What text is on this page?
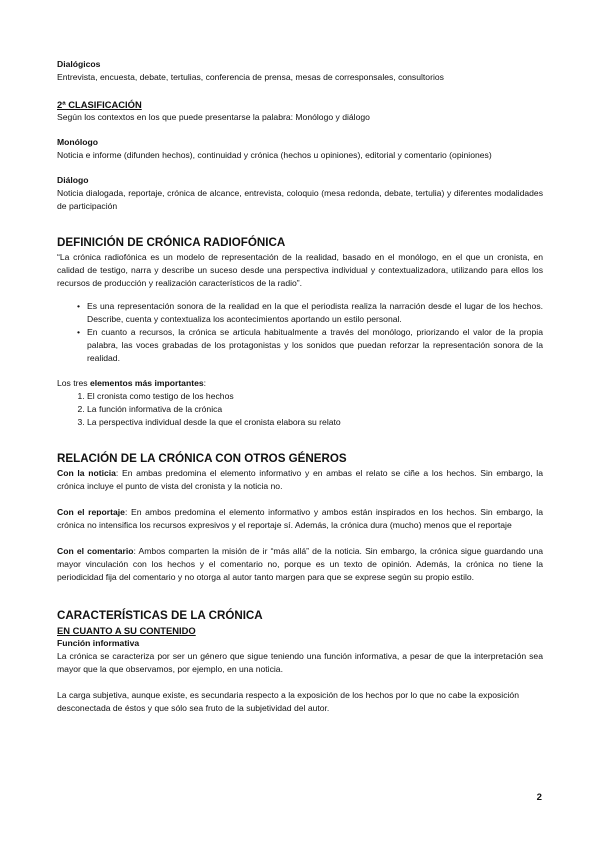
Dialógicos

Entrevista, encuesta, debate, tertulias, conferencia de prensa, mesas de corresponsales, consultorios

2ª CLASIFICACIÓN

Según los contextos en los que puede presentarse la palabra: Monólogo y diálogo

Monólogo

Noticia e informe (difunden hechos), continuidad y crónica (hechos u opiniones), editorial y comentario (opiniones)

Diálogo

Noticia dialogada, reportaje, crónica de alcance, entrevista, coloquio (mesa redonda, debate, tertulia) y diferentes modalidades de participación

DEFINICIÓN DE CRÓNICA RADIOFÓNICA

“La crónica radiofónica es un modelo de representación de la realidad, basado en el monólogo, en el que un cronista, en calidad de testigo, narra y describe un suceso desde una perspectiva individual y contextualizadora, utilizando para ellos los recursos de producción y realización característicos de la radio”.

• Es una representación sonora de la realidad en la que el periodista realiza la narración desde el lugar de los hechos. Describe, cuenta y contextualiza los acontecimientos aportando un estilo personal.
• En cuanto a recursos, la crónica se articula habitualmente a través del monólogo, priorizando el valor de la propia palabra, las voces grabadas de los protagonistas y los sonidos que puedan reforzar la representación sonora de la realidad.

Los tres elementos más importantes:

1. El cronista como testigo de los hechos
2. La función informativa de la crónica
3. La perspectiva individual desde la que el cronista elabora su relato

RELACIÓN DE LA CRÓNICA CON OTROS GÉNEROS

Con la noticia: En ambas predomina el elemento informativo y en ambas el relato se ciñe a los hechos. Sin embargo, la crónica incluye el punto de vista del cronista y la noticia no.

Con el reportaje: En ambos predomina el elemento informativo y ambos están inspirados en los hechos. Sin embargo, la crónica no intensifica los recursos expresivos y el reportaje sí. Además, la crónica dura (mucho) menos que el reportaje

Con el comentario: Ambos comparten la misión de ir “más allá” de la noticia. Sin embargo, la crónica sigue guardando una mayor vinculación con los hechos y el comentario no, porque es un texto de opinión. Además, la crónica no tiene la periodicidad fija del comentario y no otorga al autor tanto margen para que se exprese según su propio estilo.

CARACTERÍSTICAS DE LA CRÓNICA

EN CUANTO A SU CONTENIDO

Función informativa

La crónica se caracteriza por ser un género que sigue teniendo una función informativa, a pesar de que la interpretación sea mayor que la que observamos, por ejemplo, en una noticia.

La carga subjetiva, aunque existe, es secundaria respecto a la exposición de los hechos por lo que no cabe la exposición desconectada de éstos y que sólo sea fruto de la subjetividad del autor.

2
